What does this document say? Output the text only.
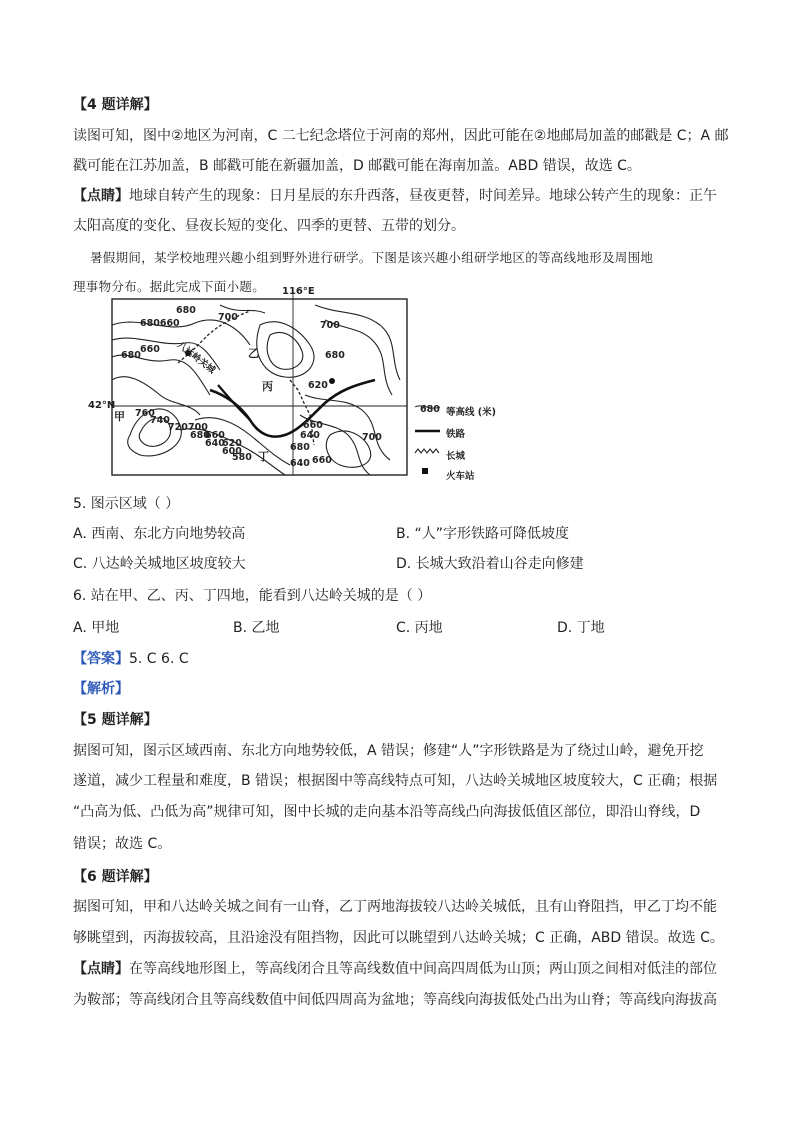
【4 题详解】
读图可知，图中②地区为河南，C 二七纪念塔位于河南的郑州，因此可能在②地邮局加盖的邮戳是 C；A 邮
戳可能在江苏加盖，B 邮戳可能在新疆加盖，D 邮戳可能在海南加盖。ABD 错误，故选 C。
【点睛】地球自转产生的现象：日月星辰的东升西落，昼夜更替，时间差异。地球公转产生的现象：正午
太阳高度的变化、昼夜长短的变化、四季的更替、五带的划分。
暑假期间，某学校地理兴趣小组到野外进行研学。下图是该兴趣小组研学地区的等高线地形及周围地
理事物分布。据此完成下面小题。	116°E
42°N
八达岭关城	乙
丙
甲
丁
680
680660
680
660
700
700
680
620
640
660
760
740
720 700
680
660
640
620
600
580
680
700
660
640
680 等高线 (米)
铁路
长城
火车站
5. 图示区域（ ）
A. 西南、东北方向地势较高	B. “人”字形铁路可降低坡度
C. 八达岭关城地区坡度较大	D. 长城大致沿着山谷走向修建
6. 站在甲、乙、丙、丁四地，能看到八达岭关城的是（ ）
A. 甲地	B. 乙地	C. 丙地	D. 丁地
【答案】5. C 6. C
【解析】
【5 题详解】
据图可知，图示区域西南、东北方向地势较低，A 错误；修建“人”字形铁路是为了绕过山岭，避免开挖
遂道，减少工程量和难度，B 错误；根据图中等高线特点可知，八达岭关城地区坡度较大，C 正确；根据
“凸高为低、凸低为高”规律可知，图中长城的走向基本沿等高线凸向海拔低值区部位，即沿山脊线，D
错误；故选 C。
【6 题详解】
据图可知，甲和八达岭关城之间有一山脊，乙丁两地海拔较八达岭关城低，且有山脊阻挡，甲乙丁均不能
够眺望到，丙海拔较高，且沿途没有阻挡物，因此可以眺望到八达岭关城；C 正确，ABD 错误。故选 C。
【点睛】在等高线地形图上，等高线闭合且等高线数值中间高四周低为山顶；两山顶之间相对低洼的部位
为鞍部；等高线闭合且等高线数值中间低四周高为盆地；等高线向海拔低处凸出为山脊；等高线向海拔高
